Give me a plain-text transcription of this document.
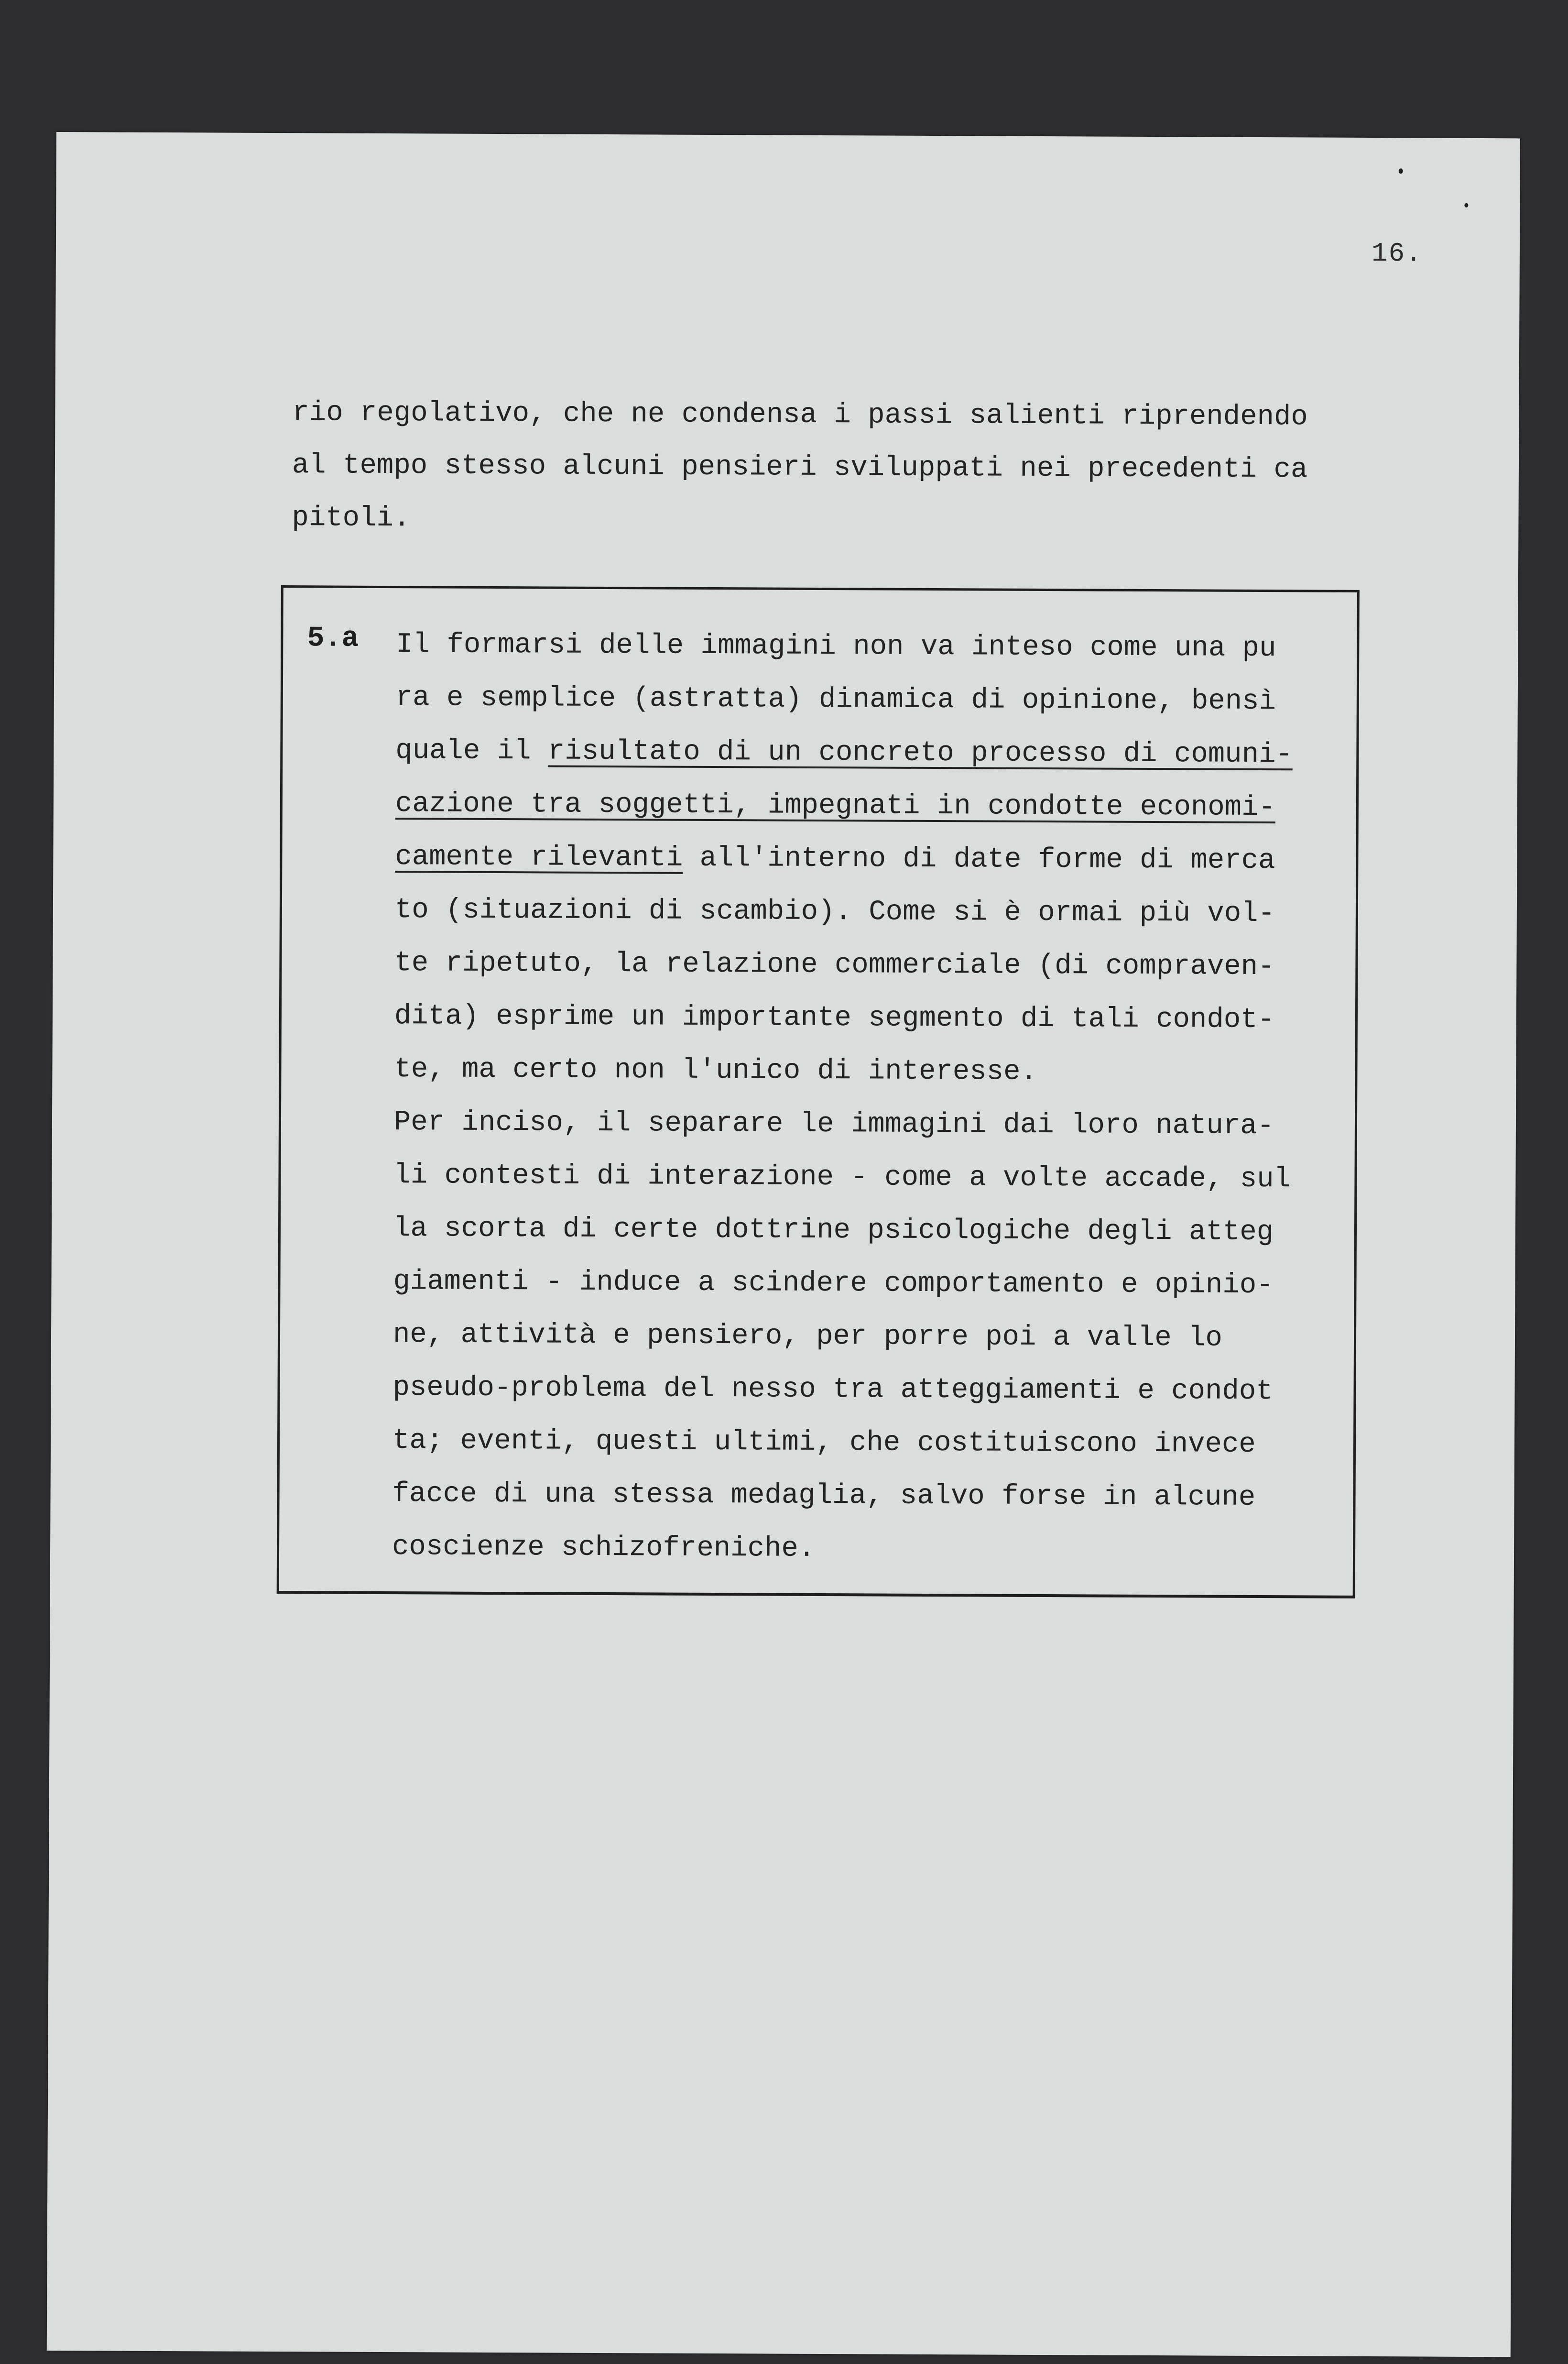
16.
rio regolativo, che ne condensa i passi salienti riprendendo
al tempo stesso alcuni pensieri sviluppati nei precedenti ca
pitoli.
5.a Il formarsi delle immagini non va inteso come una pu
ra e semplice (astratta) dinamica di opinione, bensì
quale il risultato di un concreto processo di comuni-
cazione tra soggetti, impegnati in condotte economi-
camente rilevanti all'interno di date forme di merca
to (situazioni di scambio). Come si è ormai più vol-
te ripetuto, la relazione commerciale (di compraven-
dita) esprime un importante segmento di tali condot-
te, ma certo non l'unico di interesse.
Per inciso, il separare le immagini dai loro natura-
li contesti di interazione - come a volte accade, sul
la scorta di certe dottrine psicologiche degli atteg
giamenti - induce a scindere comportamento e opinio-
ne, attività e pensiero, per porre poi a valle lo
pseudo-problema del nesso tra atteggiamenti e condot
ta; eventi, questi ultimi, che costituiscono invece
facce di una stessa medaglia, salvo forse in alcune
coscienze schizofreniche.
